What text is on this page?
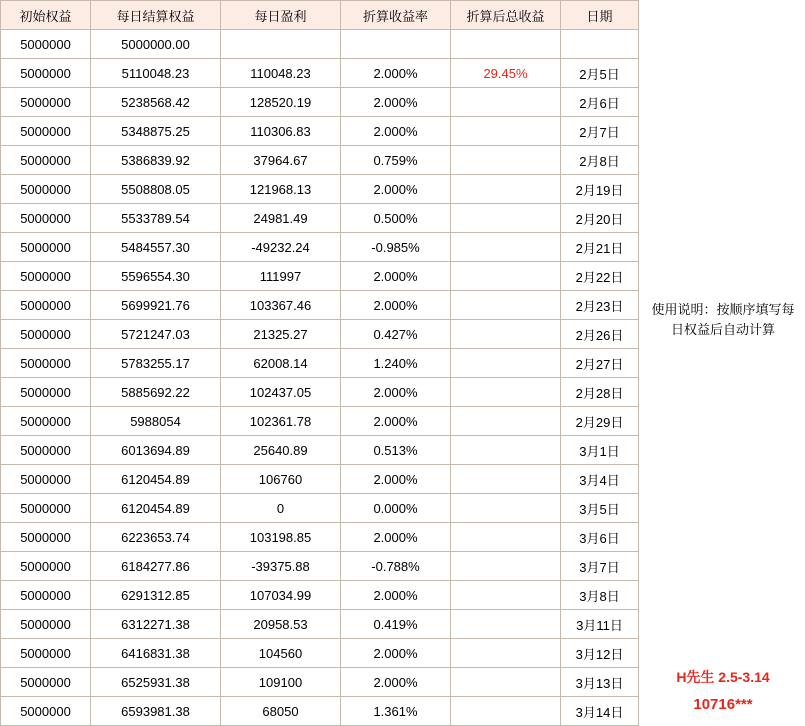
初始权益	每日结算权益	每日盈利	折算收益率	折算后总收益	日期
5000000	5000000.00				
5000000	5110048.23	110048.23	2.000%	29.45%	2月5日
5000000	5238568.42	128520.19	2.000%		2月6日
5000000	5348875.25	110306.83	2.000%		2月7日
5000000	5386839.92	37964.67	0.759%		2月8日
5000000	5508808.05	121968.13	2.000%		2月19日
5000000	5533789.54	24981.49	0.500%		2月20日
5000000	5484557.30	-49232.24	-0.985%		2月21日
5000000	5596554.30	111997	2.000%		2月22日
5000000	5699921.76	103367.46	2.000%		2月23日
5000000	5721247.03	21325.27	0.427%		2月26日
5000000	5783255.17	62008.14	1.240%		2月27日
5000000	5885692.22	102437.05	2.000%		2月28日
5000000	5988054	102361.78	2.000%		2月29日
5000000	6013694.89	25640.89	0.513%		3月1日
5000000	6120454.89	106760	2.000%		3月4日
5000000	6120454.89	0	0.000%		3月5日
5000000	6223653.74	103198.85	2.000%		3月6日
5000000	6184277.86	-39375.88	-0.788%		3月7日
5000000	6291312.85	107034.99	2.000%		3月8日
5000000	6312271.38	20958.53	0.419%		3月11日
5000000	6416831.38	104560	2.000%		3月12日
5000000	6525931.38	109100	2.000%		3月13日
5000000	6593981.38	68050	1.361%		3月14日
使用说明：按顺序填写每日权益后自动计算
H先生 2.5-3.14
10716***
